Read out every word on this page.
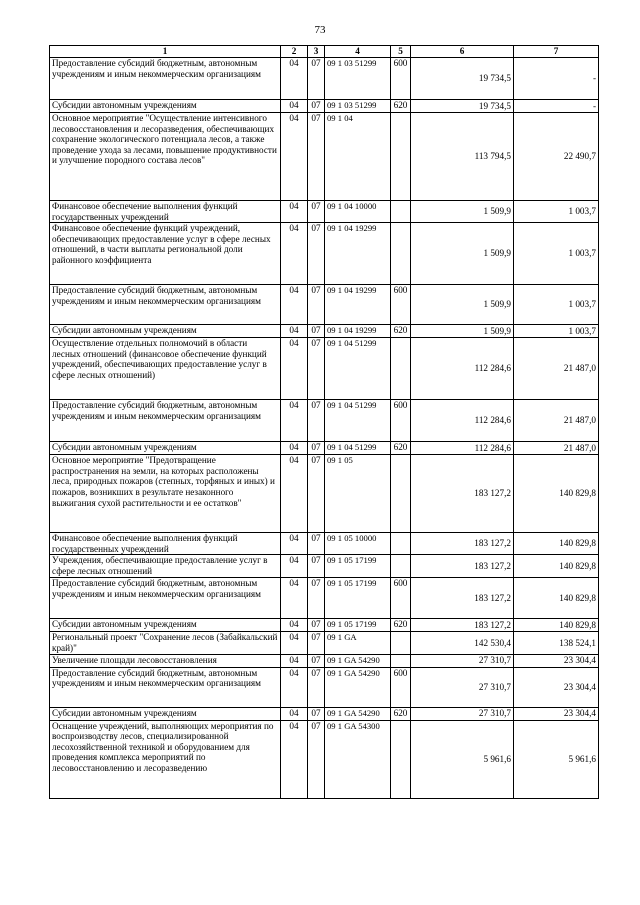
73
1	2	3	4	5	6	7
Предоставление субсидий бюджетным, автономным учреждениям и иным некоммерческим организациям	04	07	09 1 03 51299	600	19 734,5	-
Субсидии автономным учреждениям	04	07	09 1 03 51299	620	19 734,5	-
Основное мероприятие "Осуществление интенсивного лесовосстановления и лесоразведения, обеспечивающих сохранение экологического потенциала лесов, а также проведение ухода за лесами, повышение продуктивности и улучшение породного состава лесов"	04	07	09 1 04		113 794,5	22 490,7
Финансовое обеспечение выполнения функций государственных учреждений	04	07	09 1 04 10000		1 509,9	1 003,7
Финансовое обеспечение функций учреждений, обеспечивающих предоставление услуг в сфере лесных отношений, в части выплаты региональной доли районного коэффициента	04	07	09 1 04 19299		1 509,9	1 003,7
Предоставление субсидий бюджетным, автономным учреждениям и иным некоммерческим организациям	04	07	09 1 04 19299	600	1 509,9	1 003,7
Субсидии автономным учреждениям	04	07	09 1 04 19299	620	1 509,9	1 003,7
Осуществление отдельных полномочий в области лесных отношений (финансовое обеспечение функций учреждений, обеспечивающих предоставление услуг в сфере лесных отношений)	04	07	09 1 04 51299		112 284,6	21 487,0
Предоставление субсидий бюджетным, автономным учреждениям и иным некоммерческим организациям	04	07	09 1 04 51299	600	112 284,6	21 487,0
Субсидии автономным учреждениям	04	07	09 1 04 51299	620	112 284,6	21 487,0
Основное мероприятие "Предотвращение распространения на земли, на которых расположены леса, природных пожаров (степных, торфяных и иных) и пожаров, возникших в результате незаконного выжигания сухой растительности и ее остатков"	04	07	09 1 05		183 127,2	140 829,8
Финансовое обеспечение выполнения функций государственных учреждений	04	07	09 1 05 10000		183 127,2	140 829,8
Учреждения, обеспечивающие предоставление услуг в сфере лесных отношений	04	07	09 1 05 17199		183 127,2	140 829,8
Предоставление субсидий бюджетным, автономным учреждениям и иным некоммерческим организациям	04	07	09 1 05 17199	600	183 127,2	140 829,8
Субсидии автономным учреждениям	04	07	09 1 05 17199	620	183 127,2	140 829,8
Региональный проект "Сохранение лесов (Забайкальский край)"	04	07	09 1 GA		142 530,4	138 524,1
Увеличение площади лесовосстановления	04	07	09 1 GA 54290		27 310,7	23 304,4
Предоставление субсидий бюджетным, автономным учреждениям и иным некоммерческим организациям	04	07	09 1 GA 54290	600	27 310,7	23 304,4
Субсидии автономным учреждениям	04	07	09 1 GA 54290	620	27 310,7	23 304,4
Оснащение учреждений, выполняющих мероприятия по воспроизводству лесов, специализированной лесохозяйственной техникой и оборудованием для проведения комплекса мероприятий по лесовосстановлению и лесоразведению	04	07	09 1 GA 54300		5 961,6	5 961,6
